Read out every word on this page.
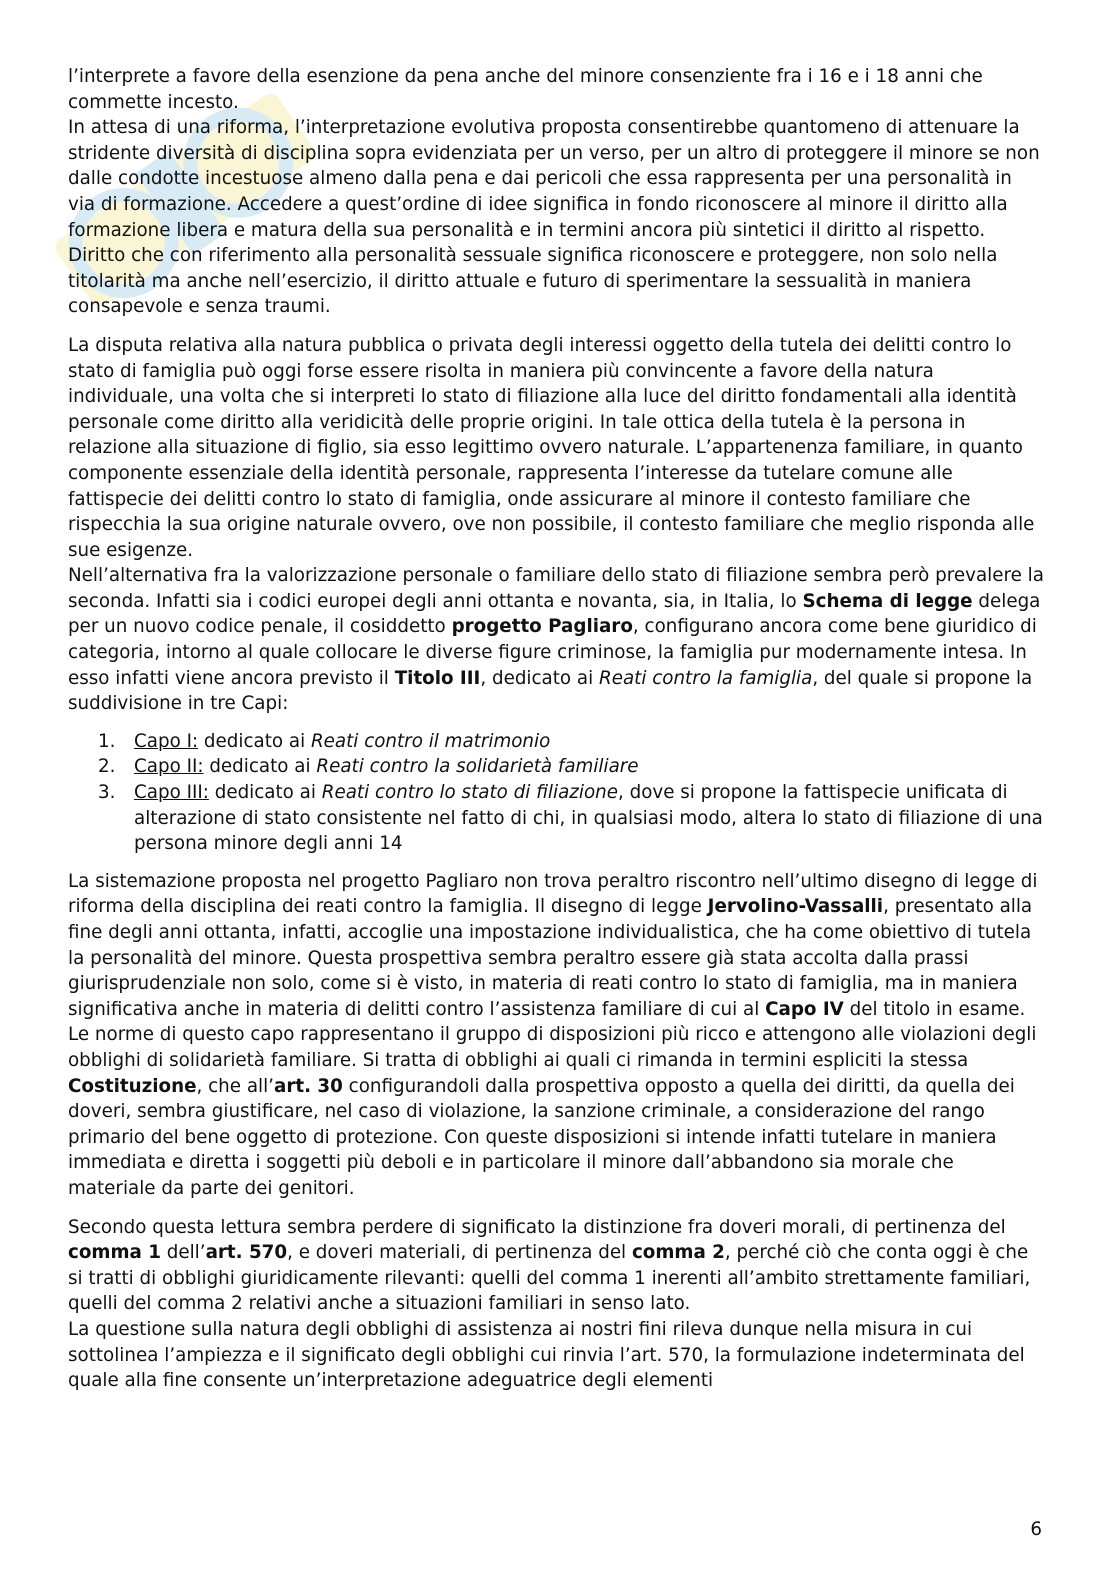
l’interprete a favore della esenzione da pena anche del minore consenziente fra i 16 e i 18 anni che commette incesto.

In attesa di una riforma, l’interpretazione evolutiva proposta consentirebbe quantomeno di attenuare la stridente diversità di disciplina sopra evidenziata per un verso, per un altro di proteggere il minore se non dalle condotte incestuose almeno dalla pena e dai pericoli che essa rappresenta per una personalità in via di formazione. Accedere a quest’ordine di idee significa in fondo riconoscere al minore il diritto alla formazione libera e matura della sua personalità e in termini ancora più sintetici il diritto al rispetto. Diritto che con riferimento alla personalità sessuale significa riconoscere e proteggere, non solo nella titolarità ma anche nell’esercizio, il diritto attuale e futuro di sperimentare la sessualità in maniera consapevole e senza traumi.

La disputa relativa alla natura pubblica o privata degli interessi oggetto della tutela dei delitti contro lo stato di famiglia può oggi forse essere risolta in maniera più convincente a favore della natura individuale, una volta che si interpreti lo stato di filiazione alla luce del diritto fondamentali alla identità personale come diritto alla veridicità delle proprie origini. In tale ottica della tutela è la persona in relazione alla situazione di figlio, sia esso legittimo ovvero naturale. L’appartenenza familiare, in quanto componente essenziale della identità personale, rappresenta l’interesse da tutelare comune alle fattispecie dei delitti contro lo stato di famiglia, onde assicurare al minore il contesto familiare che rispecchia la sua origine naturale ovvero, ove non possibile, il contesto familiare che meglio risponda alle sue esigenze.

Nell’alternativa fra la valorizzazione personale o familiare dello stato di filiazione sembra però prevalere la seconda. Infatti sia i codici europei degli anni ottanta e novanta, sia, in Italia, lo Schema di legge delega per un nuovo codice penale, il cosiddetto progetto Pagliaro, configurano ancora come bene giuridico di categoria, intorno al quale collocare le diverse figure criminose, la famiglia pur modernamente intesa. In esso infatti viene ancora previsto il Titolo III, dedicato ai Reati contro la famiglia, del quale si propone la suddivisione in tre Capi:

1.	Capo I: dedicato ai Reati contro il matrimonio
2.	Capo II: dedicato ai Reati contro la solidarietà familiare
3.	Capo III: dedicato ai Reati contro lo stato di filiazione, dove si propone la fattispecie unificata di alterazione di stato consistente nel fatto di chi, in qualsiasi modo, altera lo stato di filiazione di una persona minore degli anni 14

La sistemazione proposta nel progetto Pagliaro non trova peraltro riscontro nell’ultimo disegno di legge di riforma della disciplina dei reati contro la famiglia. Il disegno di legge Jervolino-Vassalli, presentato alla fine degli anni ottanta, infatti, accoglie una impostazione individualistica, che ha come obiettivo di tutela la personalità del minore. Questa prospettiva sembra peraltro essere già stata accolta dalla prassi giurisprudenziale non solo, come si è visto, in materia di reati contro lo stato di famiglia, ma in maniera significativa anche in materia di delitti contro l’assistenza familiare di cui al Capo IV del titolo in esame. Le norme di questo capo rappresentano il gruppo di disposizioni più ricco e attengono alle violazioni degli obblighi di solidarietà familiare. Si tratta di obblighi ai quali ci rimanda in termini espliciti la stessa Costituzione, che all’art. 30 configurandoli dalla prospettiva opposto a quella dei diritti, da quella dei doveri, sembra giustificare, nel caso di violazione, la sanzione criminale, a considerazione del rango primario del bene oggetto di protezione. Con queste disposizioni si intende infatti tutelare in maniera immediata e diretta i soggetti più deboli e in particolare il minore dall’abbandono sia morale che materiale da parte dei genitori.

Secondo questa lettura sembra perdere di significato la distinzione fra doveri morali, di pertinenza del comma 1 dell’art. 570, e doveri materiali, di pertinenza del comma 2, perché ciò che conta oggi è che si tratti di obblighi giuridicamente rilevanti: quelli del comma 1 inerenti all’ambito strettamente familiari, quelli del comma 2 relativi anche a situazioni familiari in senso lato.

La questione sulla natura degli obblighi di assistenza ai nostri fini rileva dunque nella misura in cui sottolinea l’ampiezza e il significato degli obblighi cui rinvia l’art. 570, la formulazione indeterminata del quale alla fine consente un’interpretazione adeguatrice degli elementi

6
